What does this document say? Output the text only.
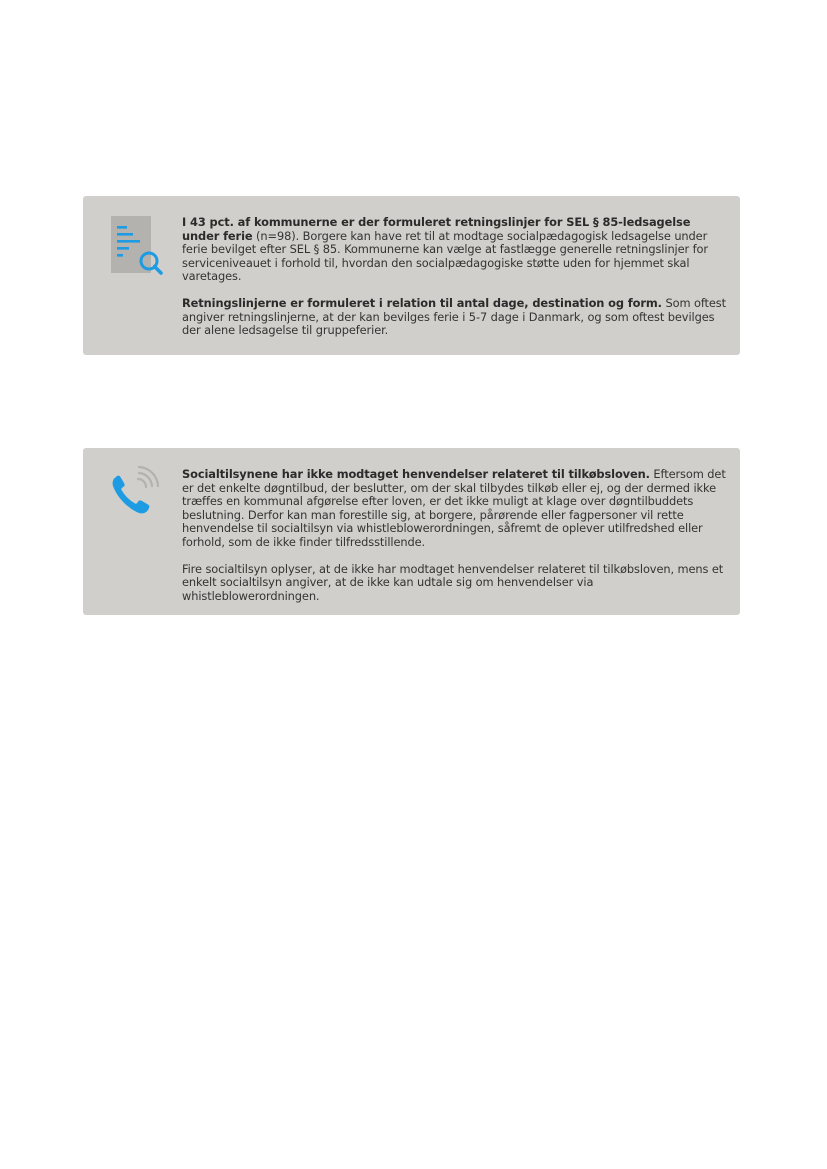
I 43 pct. af kommunerne er der formuleret retningslinjer for SEL § 85-ledsagelse under ferie (n=98). Borgere kan have ret til at modtage socialpædagogisk ledsagelse under ferie bevilget efter SEL § 85. Kommunerne kan vælge at fastlægge generelle retningslinjer for serviceniveauet i forhold til, hvordan den socialpædagogiske støtte uden for hjemmet skal varetages.

Retningslinjerne er formuleret i relation til antal dage, destination og form. Som oftest angiver retningslinjerne, at der kan bevilges ferie i 5-7 dage i Danmark, og som oftest bevilges der alene ledsagelse til gruppeferier.

Socialtilsynene har ikke modtaget henvendelser relateret til tilkøbsloven. Eftersom det er det enkelte døgntilbud, der beslutter, om der skal tilbydes tilkøb eller ej, og der dermed ikke træffes en kommunal afgørelse efter loven, er det ikke muligt at klage over døgntilbuddets beslutning. Derfor kan man forestille sig, at borgere, pårørende eller fagpersoner vil rette henvendelse til socialtilsyn via whistleblowerordningen, såfremt de oplever utilfredshed eller forhold, som de ikke finder tilfredsstillende.

Fire socialtilsyn oplyser, at de ikke har modtaget henvendelser relateret til tilkøbsloven, mens et enkelt socialtilsyn angiver, at de ikke kan udtale sig om henvendelser via whistleblowerordningen.
